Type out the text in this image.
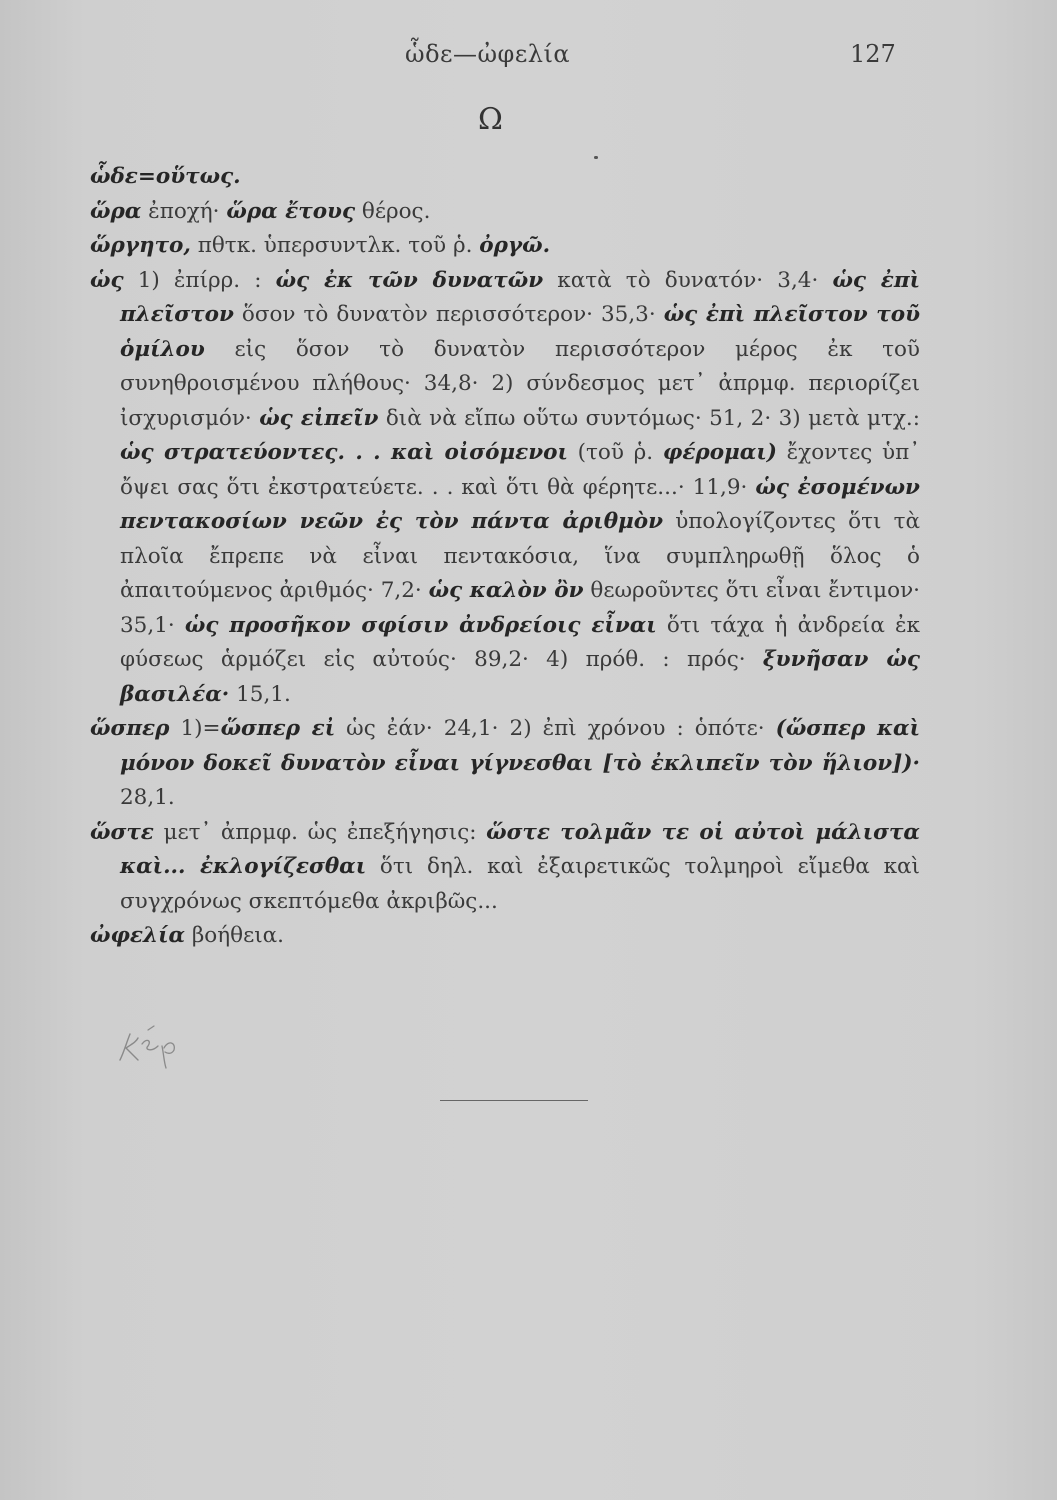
ὧδε—ὠφελία	127
Ω
ὧδε=οὕτως.
ὥρα ἐποχή· ὥρα ἔτους θέρος.
ὥργητο, πθτκ. ὑπερσυντλκ. τοῦ ῥ. ὀργῶ.
ὡς 1) ἐπίρρ. : ὡς ἐκ τῶν δυνατῶν κατὰ τὸ δυνατόν· 3,4· ὡς ἐπὶ πλεῖστον ὅσον τὸ δυνατὸν περισσότερον· 35,3· ὡς ἐπὶ πλεῖστον τοῦ ὁμίλου εἰς ὅσον τὸ δυνατὸν περισσότερον μέρος ἐκ τοῦ συνηθροισμένου πλήθους· 34,8· 2) σύνδεσμος μετ᾽ ἀπρμφ. περιορίζει ἰσχυρισμόν· ὡς εἰπεῖν διὰ νὰ εἴπω οὕτω συντόμως· 51, 2· 3) μετὰ μτχ.: ὡς στρατεύοντες. . . καὶ οἰσόμενοι (τοῦ ῥ. φέρομαι) ἔχοντες ὑπ᾽ ὄψει σας ὅτι ἐκστρατεύετε. . . καὶ ὅτι θὰ φέρητε...· 11,9· ὡς ἐσομένων πεντακοσίων νεῶν ἐς τὸν πάντα ἀριθμὸν ὑπολογίζοντες ὅτι τὰ πλοῖα ἔπρεπε νὰ εἶναι πεντακόσια, ἵνα συμπληρωθῇ ὅλος ὁ ἀπαιτούμενος ἀριθμός· 7,2· ὡς καλὸν ὂν θεωροῦντες ὅτι εἶναι ἔντιμον· 35,1· ὡς προσῆκον σφίσιν ἀνδρείοις εἶναι ὅτι τάχα ἡ ἀνδρεία ἐκ φύσεως ἁρμόζει εἰς αὐτούς· 89,2· 4) πρόθ. : πρός· ξυνῆσαν ὡς βασιλέα· 15,1.
ὥσπερ 1)=ὥσπερ εἰ ὡς ἐάν· 24,1· 2) ἐπὶ χρόνου : ὁπότε· (ὥσπερ καὶ μόνον δοκεῖ δυνατὸν εἶναι γίγνεσθαι [τὸ ἐκλιπεῖν τὸν ἥλιον])· 28,1.
ὥστε μετ᾽ ἀπρμφ. ὡς ἐπεξήγησις: ὥστε τολμᾶν τε οἱ αὐτοὶ μάλιστα καὶ... ἐκλογίζεσθαι ὅτι δηλ. καὶ ἐξαιρετικῶς τολμηροὶ εἴμεθα καὶ συγχρόνως σκεπτόμεθα ἀκριβῶς...
ὠφελία βοήθεια.
